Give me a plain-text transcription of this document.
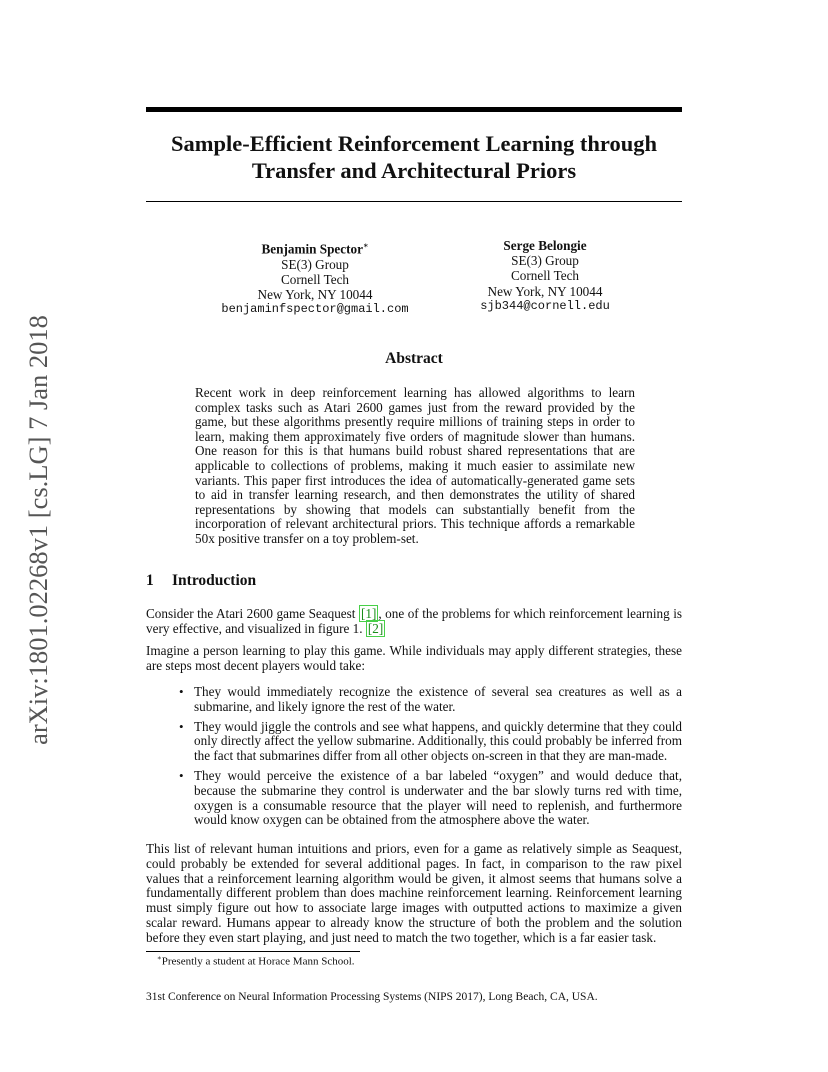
arXiv:1801.02268v1 [cs.LG] 7 Jan 2018
Sample-Efficient Reinforcement Learning through
Transfer and Architectural Priors
Benjamin Spector∗
SE(3) Group
Cornell Tech
New York, NY 10044
benjaminfspector@gmail.com
Serge Belongie
SE(3) Group
Cornell Tech
New York, NY 10044
sjb344@cornell.edu
Abstract
Recent work in deep reinforcement learning has allowed algorithms to learn complex tasks such as Atari 2600 games just from the reward provided by the game, but these algorithms presently require millions of training steps in order to learn, making them approximately five orders of magnitude slower than humans. One reason for this is that humans build robust shared representations that are applicable to collections of problems, making it much easier to assimilate new variants. This paper first introduces the idea of automatically-generated game sets to aid in transfer learning research, and then demonstrates the utility of shared representations by showing that models can substantially benefit from the incorporation of relevant architectural priors. This technique affords a remarkable 50x positive transfer on a toy problem-set.
1 Introduction

Consider the Atari 2600 game Seaquest [1] , one of the problems for which reinforcement learning is very effective, and visualized in figure 1. [2]

Imagine a person learning to play this game. While individuals may apply different strategies, these are steps most decent players would take:

• They would immediately recognize the existence of several sea creatures as well as a submarine, and likely ignore the rest of the water.
• They would jiggle the controls and see what happens, and quickly determine that they could only directly affect the yellow submarine. Additionally, this could probably be inferred from the fact that submarines differ from all other objects on-screen in that they are man-made.
• They would perceive the existence of a bar labeled “oxygen” and would deduce that, because the submarine they control is underwater and the bar slowly turns red with time, oxygen is a consumable resource that the player will need to replenish, and furthermore would know oxygen can be obtained from the atmosphere above the water.

This list of relevant human intuitions and priors, even for a game as relatively simple as Seaquest, could probably be extended for several additional pages. In fact, in comparison to the raw pixel values that a reinforcement learning algorithm would be given, it almost seems that humans solve a fundamentally different problem than does machine reinforcement learning. Reinforcement learning must simply figure out how to associate large images with outputted actions to maximize a given scalar reward. Humans appear to already know the structure of both the problem and the solution before they even start playing, and just need to match the two together, which is a far easier task.

∗Presently a student at Horace Mann School.
31st Conference on Neural Information Processing Systems (NIPS 2017), Long Beach, CA, USA.
